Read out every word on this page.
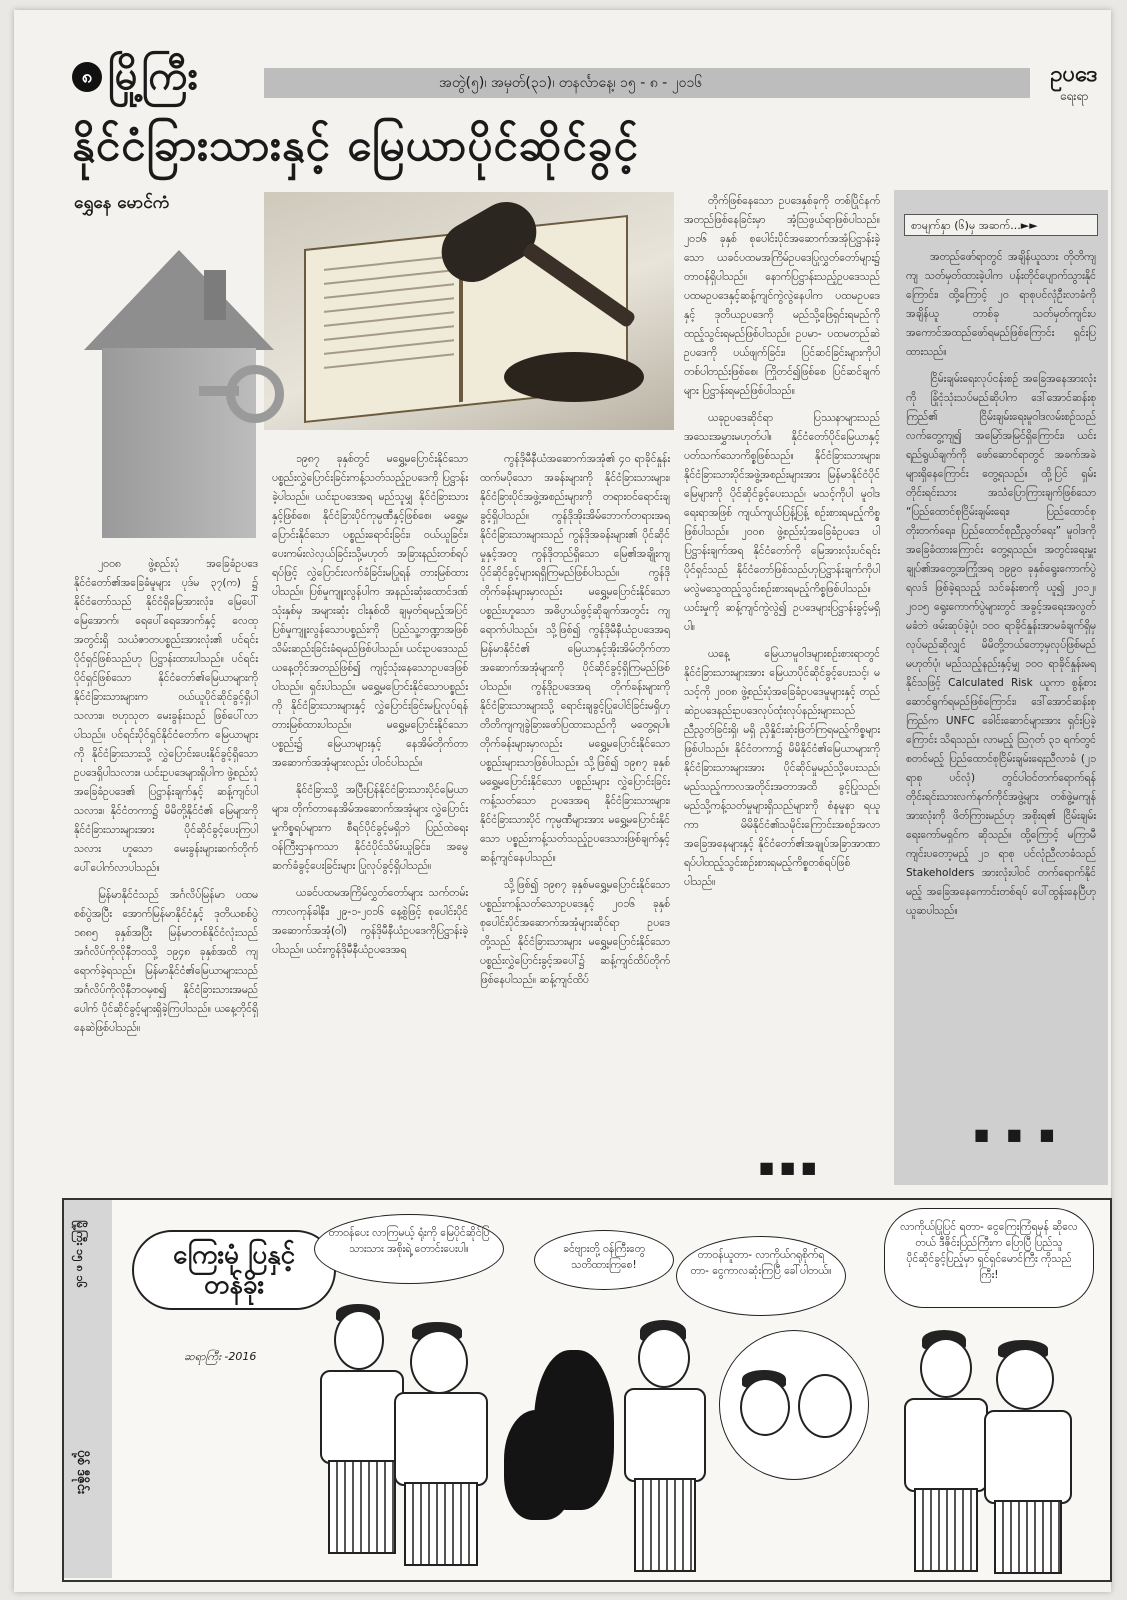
၈ မြို့ကြီး	အတွဲ(၅)၊ အမှတ်(၃၁)၊ တနင်္လာနေ့၊ ၁၅ - ၈ - ၂၀၁၆	ဥပဒေ
ရေးရာ
နိုင်ငံခြားသားနှင့် မြေယာပိုင်ဆိုင်ခွင့်
ရွှေနေ မောင်ကံ

၂၀၀၈ ဖွဲ့စည်းပုံ အခြေခံဥပဒေ နိုင်ငံတော်၏အခြေခံမူများ ပုဒ်မ ၃၇(က) ၌ နိုင်ငံတော်သည် နိုင်ငံရှိမြေအားလုံး၊ မြေပေါ်မြေအောက်၊ ရေပေါ်ရေအောက်နှင့် လေထုအတွင်းရှိ သယံဇာတပစ္စည်းအားလုံး၏ ပင်ရင်းပိုင်ရှင်ဖြစ်သည်ဟု ပြဋ္ဌာန်းထားပါသည်။ ပင်ရင်းပိုင်ရှင်ဖြစ်သော နိုင်ငံတော်၏မြေယာများကို နိုင်ငံခြားသားများက ဝယ်ယူပိုင်ဆိုင်ခွင့်ရှိပါသလား။ ဗဟုသုတ မေးခွန်းသည် ဖြစ်ပေါ်လာပါသည်။ ပင်ရင်းပိုင်ရှင်နိုင်ငံတော်က မြေယာများကို နိုင်ငံခြားသားသို့ လွှဲပြောင်းပေးနိုင်ခွင့်ရှိသော ဥပဒေရှိပါသလား။ ယင်းဥပဒေများရှိပါက ဖွဲ့စည်းပုံအခြေခံဥပဒေ၏ ပြဋ္ဌာန်းချက်နှင့် ဆန့်ကျင်ပါသလား။ နိုင်ငံတကာ၌ မိမိတို့နိုင်ငံ၏ မြေများကို နိုင်ငံခြားသားများအား ပိုင်ဆိုင်ခွင့်ပေးကြပါသလား ဟူသော မေးခွန်းများဆက်တိုက်ပေါ်ပေါက်လာပါသည်။

မြန်မာနိုင်ငံသည် အင်္ဂလိပ်မြန်မာ ပထမစစ်ပွဲအပြီး အောက်မြန်မာနိုင်ငံနှင့် ဒုတိယစစ်ပွဲ ၁၈၈၅ ခုနှစ်အပြီး မြန်မာတစ်နိုင်ငံလုံးသည် အင်္ဂလိပ်ကိုလိုနီဘဝသို့ ၁၉၄၈ ခုနှစ်အထိ ကျရောက်ခဲ့ရသည်။ မြန်မာနိုင်ငံ၏မြေယာများသည် အင်္ဂလိပ်ကိုလိုနီဘဝမှစ၍ နိုင်ငံခြားသားအမည်ပေါက် ပိုင်ဆိုင်ခွင့်များရှိခဲ့ကြပါသည်။ ယနေ့တိုင်ရှိနေဆဲဖြစ်ပါသည်။

၁၉၈၇ ခုနှစ်တွင် မရွှေ့မပြောင်းနိုင်သော ပစ္စည်းလွှဲပြောင်းခြင်းကန့်သတ်သည့်ဥပဒေကို ပြဋ္ဌာန်းခဲ့ပါသည်။ ယင်းဥပဒေအရ မည်သူမျှ နိုင်ငံခြားသားနှင့်ဖြစ်စေ၊ နိုင်ငံခြားပိုင်ကုမ္ပဏီနှင့်ဖြစ်စေ၊ မရွှေ့မပြောင်းနိုင်သော ပစ္စည်းရောင်းခြင်း၊ ဝယ်ယူခြင်း၊ ပေးကမ်းလဲလှယ်ခြင်းသို့မဟုတ် အခြားနည်းတစ်ရပ်ရပ်ဖြင့် လွှဲပြောင်းလက်ခံခြင်းမပြုရန် တားမြစ်ထားပါသည်။ ပြစ်မှုကျူးလွန်ပါက အနည်းဆုံးထောင်ဒဏ် သုံးနှစ်မှ အများဆုံး ငါးနှစ်ထိ ချမှတ်ရမည့်အပြင် ပြစ်မှုကျူးလွန်သောပစ္စည်းကို ပြည်သူ့ဘဏ္ဍာအဖြစ် သိမ်းဆည်းခြင်းခံရမည်ဖြစ်ပါသည်။ ယင်းဥပဒေသည် ယနေ့တိုင်အတည်ဖြစ်၍ ကျင့်သုံးနေသောဥပဒေဖြစ်ပါသည်။ ရှင်းပါသည်။ မရွှေ့မပြောင်းနိုင်သောပစ္စည်းကို နိုင်ငံခြားသားများနှင့် လွှဲပြောင်းခြင်းမပြုလုပ်ရန် တားမြစ်ထားပါသည်။ မရွှေ့မပြောင်းနိုင်သော ပစ္စည်း၌ မြေယာများနှင့် နေအိမ်တိုက်တာအဆောက်အအုံများလည်း ပါဝင်ပါသည်။

နိုင်ငံခြားသို့ အပြီးပြန်နိုင်ငံခြားသားပိုင်မြေယာများ၊ တိုက်တာနေအိမ်အဆောက်အအုံများ လွှဲပြောင်းမှုကိစ္စရပ်များက စီရင်ပိုင်ခွင့်မရှိဘဲ ပြည်ထဲရေးဝန်ကြီးဌာနကသာ နိုင်ငံပိုင်သိမ်းယူခြင်း၊ အမွေဆက်ခံခွင့်ပေးခြင်းများ ပြုလုပ်ခွင့်ရှိပါသည်။

ယခင်ပထမအကြိမ်လွှတ်တော်များ သက်တမ်းကာလကုန်ခါနီး၊ ၂၉-၁-၂၀၁၆ နေ့စွဲဖြင့် စုပေါင်းပိုင်အဆောက်အအုံ(ဝါ) ကွန်ဒိုမီနီယံဥပဒေကိုပြဋ္ဌာန်းခဲ့ပါသည်။ ယင်းကွန်ဒိုမီနီယံဥပဒေအရ

ကွန်ဒိုမီနီယံအဆောက်အအုံ၏ ၄၀ ရာခိုင်နှုန်းထက်မပိုသော အခန်းများကို နိုင်ငံခြားသားများ၊ နိုင်ငံခြားပိုင်အဖွဲ့အစည်းများကို တရားဝင်ရောင်းချခွင့်ရှိပါသည်။ ကွန်ဒိုအိုးအိမ်ဘောက်တရားအရ နိုင်ငံခြားသားများသည် ကွန်ဒိုအခန်းများ၏ ပိုင်ဆိုင်မှုနှင့်အတူ ကွန်ဒိုတည်ရှိသော မြေ၏အချိုးကျပိုင်ဆိုင်ခွင့်များရရှိကြမည်ဖြစ်ပါသည်။ ကွန်ဒိုတိုက်ခန်းများမှာလည်း မရွှေ့မပြောင်းနိုင်သော ပစ္စည်းဟူသော အဓိပ္ပာယ်ဖွင့်ဆိုချက်အတွင်း ကျရောက်ပါသည်။ သို့ဖြစ်၍ ကွန်ဒိုမီနီယံဥပဒေအရ မြန်မာနိုင်ငံ၏ မြေယာနှင့်အိုးအိမ်တိုက်တာအဆောက်အအုံများကို ပိုင်ဆိုင်ခွင့်ရှိကြမည်ဖြစ်ပါသည်။ ကွန်ဒိုဥပဒေအရ တိုက်ခန်းများကို နိုင်ငံခြားသားများသို့ ရောင်းချခွင့်ပြုပေါင်ခြင်းမရှိဟု တိတိကျကျခွဲခြားဖော်ပြထားသည်ကို မတွေ့ရပါ။ တိုက်ခန်းများမှာလည်း မရွှေ့မပြောင်းနိုင်သော ပစ္စည်းများသာဖြစ်ပါသည်။ သို့ဖြစ်၍ ၁၉၈၇ ခုနှစ် မရွှေ့မပြောင်းနိုင်သော ပစ္စည်းများ လွှဲပြောင်းခြင်းကန့်သတ်သော ဥပဒေအရ နိုင်ငံခြားသားများ၊ နိုင်ငံခြားသားပိုင် ကုမ္ပဏီများအား မရွှေ့မပြောင်းနိုင်သော ပစ္စည်းကန့်သတ်သည့်ဥပဒေသားဖြစ်ချက်နှင့် ဆန့်ကျင်နေပါသည်။

သို့ဖြစ်၍ ၁၉၈၇ ခုနှစ်မရွှေ့မပြောင်းနိုင်သော ပစ္စည်းကန့်သတ်သောဥပဒေနှင့် ၂၀၁၆ ခုနှစ် စုပေါင်းပိုင်အဆောက်အအုံများဆိုင်ရာ ဥပဒေတို့သည် နိုင်ငံခြားသားများ မရွှေ့မပြောင်းနိုင်သော ပစ္စည်းလွှဲပြောင်းခွင့်အပေါ်၌ ဆန့်ကျင်ထိပ်တိုက်ဖြစ်နေပါသည်။ ဆန့်ကျင်ထိပ်

တိုက်ဖြစ်နေသော ဥပဒေနှစ်ခုကို တစ်ပြိုင်နက်အတည်ဖြစ်နေခြင်းမှာ အံ့သြဖွယ်ရာဖြစ်ပါသည်။ ၂၀၁၆ ခုနှစ် စုပေါင်းပိုင်အဆောက်အအုံပြဋ္ဌာန်းခဲ့သော ယခင်ပထမအကြိမ်ဥပဒေပြုလွှတ်တော်များ၌ တာဝန်ရှိပါသည်။ နောက်ပြဋ္ဌာန်းသည့်ဥပဒေသည် ပထမဥပဒေနှင့်ဆန့်ကျင်ကွဲလွဲနေပါက ပထမဥပဒေနှင့် ဒုတိယဥပဒေကို မည်သို့ဖြေရှင်းရမည်ကို ထည့်သွင်းရမည်ဖြစ်ပါသည်။ ဥပမာ- ပထမတည်ဆဲဥပဒေကို ပယ်ဖျက်ခြင်း၊ ပြင်ဆင်ခြင်းများကိုပါ တစ်ပါတည်းဖြစ်စေ၊ ကြိုတင်၍ဖြစ်စေ ပြင်ဆင်ချက်များ ပြဋ္ဌာန်းရမည်ဖြစ်ပါသည်။

ယခုဥပဒေဆိုင်ရာ ပြဿနာများသည် အသေးအမွှားမဟုတ်ပါ။ နိုင်ငံတော်ပိုင်မြေယာနှင့်ပတ်သက်သောကိစ္စဖြစ်သည်။ နိုင်ငံခြားသားများ၊ နိုင်ငံခြားသားပိုင်အဖွဲ့အစည်းများအား မြန်မာနိုင်ငံပိုင်မြေများကို ပိုင်ဆိုင်ခွင့်ပေးသည်၊ မသင့်ကိုပါ မူဝါဒရေးရာအဖြစ် ကျယ်ကျယ်ပြန့်ပြန့် စဉ်းစားရမည့်ကိစ္စဖြစ်ပါသည်။ ၂၀၀၈ ဖွဲ့စည်းပုံအခြေခံဥပဒေ ပါ ပြဋ္ဌာန်းချက်အရ နိုင်ငံတော်ကို မြေအားလုံးပင်ရင်းပိုင်ရှင်သည် နိုင်ငံတော်ဖြစ်သည်ဟုပြဋ္ဌာန်းချက်ကိုပါ မလွဲမသွေထည့်သွင်းစဉ်းစားရမည့်ကိစ္စဖြစ်ပါသည်။ ယင်းမှုကို ဆန့်ကျင်ကွဲလွဲ၍ ဥပဒေများပြဋ္ဌာန်းခွင့်မရှိပါ။

ယနေ့ မြေယာမူဝါဒများစဉ်းစားရာတွင် နိုင်ငံခြားသားများအား မြေယာပိုင်ဆိုင်ခွင့်ပေးသင့်၊ မသင့်ကို ၂၀၀၈ ဖွဲ့စည်းပုံအခြေခံဥပဒေမူများနှင့် တည်ဆဲဥပဒေနည်းဥပဒေလုပ်ထုံးလုပ်နည်းများသည် ညီညွတ်ခြင်းရှိ၊ မရှိ ညှိနှိုင်းဆုံးဖြတ်ကြရမည့်ကိစ္စများဖြစ်ပါသည်။ နိုင်ငံတကာ၌ မိမိနိုင်ငံ၏မြေယာများကို နိုင်ငံခြားသားများအား ပိုင်ဆိုင်မှုမည်သို့ပေးသည်၊ မည်သည့်ကာလအတိုင်းအတာအထိ ခွင့်ပြုသည်၊ မည်သို့ကန့်သတ်မှုများရှိသည်များကို စံနမူနာ ရယူကာ မိမိနိုင်ငံ၏သမိုင်းကြောင်းအစဉ်အလာအခြေအနေများနှင့် နိုင်ငံတော်၏အချုပ်အခြာအာဏာရပ်ပါထည့်သွင်းစဉ်းစားရမည့်ကိစ္စတစ်ရပ်ဖြစ်ပါသည်။

■■■
စာမျက်နှာ (၆)မှ အဆက်...►►

အတည်ဖော်ရာတွင် အချိန်ယူသား တိုတိကျကျ သတ်မှတ်ထားခဲ့ပါက ပန်းတိုင်ပျောက်သွားနိုင်ကြောင်း၊ ထို့ကြောင့် ၂၀ ရာစုပင်လုံဦးလာခံကို အချိန်ယူ တာစ်ခု သတ်မှတ်ကျင်းပအကောင်အထည်ဖော်ရမည်ဖြစ်ကြောင်း ရှင်းပြထားသည်။

ငြိမ်းချမ်းရေးလုပ်ငန်းစဉ် အခြေအနေအားလုံးကို ခြုံငုံသုံးသပ်မည်ဆိုပါက ဒေါ်အောင်ဆန်းစုကြည်၏ ငြိမ်းချမ်းရေးမူဝါဒလမ်းစဉ်သည် လက်တွေ့ကျ၍ အမြော်အမြင်ရှိကြောင်း၊ ယင်းရည်ရွယ်ချက်ကို ဖော်ဆောင်ရာတွင် အခက်အခဲများရှိနေကြောင်း တွေ့ရသည်။ ထို့ပြင် ရှမ်းတိုင်းရင်းသား အသံပြောကြားချက်ဖြစ်သော “ပြည်ထောင်စုငြိမ်းချမ်းရေး၊ ပြည်ထောင်စုတိုးတက်ရေး၊ ပြည်ထောင်စုညီညွတ်ရေး” မူဝါဒကို အခြေခံထားကြောင်း တွေ့ရသည်။ အတွင်းရေးမှူးချုပ်၏အတွေ့အကြုံအရ ၁၉၉၀ ခုနှစ်ရွေးကောက်ပွဲရလဒ် ဖြစ်ခဲ့ရသည့် သင်ခန်းစာကို ယူ၍ ၂၀၁၂၊ ၂၀၁၅ ရွေးကောက်ပွဲများတွင် အခွင့်အရေးအလွတ်မခံဘဲ ဖမ်းဆုပ်ခဲ့ပုံ၊ ၁၀၀ ရာခိုင်နှုန်းအာမခံချက်ရှိမှ လုပ်မည်ဆိုလျှင် မိမိတို့ဘယ်တော့မှလုပ်ဖြစ်မည်မဟုတ်ပုံ၊ မည်သည့်နည်းနှင့်မျှ ၁၀၀ ရာခိုင်နှုန်းမရနိုင်သဖြင့် Calculated Risk ယူကာ စွန့်စားဆောင်ရွက်ရမည်ဖြစ်ကြောင်း၊ ဒေါ်အောင်ဆန်းစုကြည်က UNFC ခေါင်းဆောင်များအား ရှင်းပြခဲ့ကြောင်း သိရသည်။ လာမည့် ဩဂုတ် ၃၁ ရက်တွင် စတင်မည့် ပြည်ထောင်စုငြိမ်းချမ်းရေးညီလာခံ (၂၁ ရာစု ပင်လုံ) တွင်ပါဝင်တက်ရောက်ရန် တိုင်းရင်းသားလက်နက်ကိုင်အဖွဲ့များ တစ်ဖွဲ့မကျန်အားလုံးကို ဖိတ်ကြားမည်ဟု အစိုးရ၏ ငြိမ်းချမ်းရေးကော်မရှင်က ဆိုသည်။ ထို့ကြောင့် မကြာမီ ကျင်းပတော့မည့် ၂၁ ရာစု ပင်လုံညီလာခံသည် Stakeholders အားလုံးပါဝင် တက်ရောက်နိုင်မည့် အခြေအနေကောင်းတစ်ရပ် ပေါ်ထွန်းနေပြီဟု ယူဆပါသည်။

■ ■ ■
မြို့ကြီး ၁၅ ၈ ၁၆
ပို့စ် ဒီဇိုင်း
ကြေးမုံ ပြနှင့် တန်ခိုး
ဆရာကြီး -2016
တာဝန်ပေး လာကြမယ့် ရုံးကို မြေပိုင်ဆိုင်ပြသားသား အစိုးရဲ့ တောင်းပေးပါ။	ခင်ဗျားတို့ ဝန်ကြီးတွေ သတိထားကြစေ!
တာဝန်ယူတာ- လာကိုယ်ဂရုစိုက်ရတာ- ငွေကာလဆုံးကြပြီ ခေါ်ပါတယ်။
လာကိုယ်ပြုပြင် ရတာ- ငွေကြေးကြံရမှန် ဆိုလေတယ် ဒီဇိုင်းပြည်ကြီးက ပြောပြီ ပြည်သူ ပိုင်ဆိုင်ခွင့်ပြည့်မှာ ရှင်ရှင်မောင်ကြီး ကိုသည်ကြီး!
